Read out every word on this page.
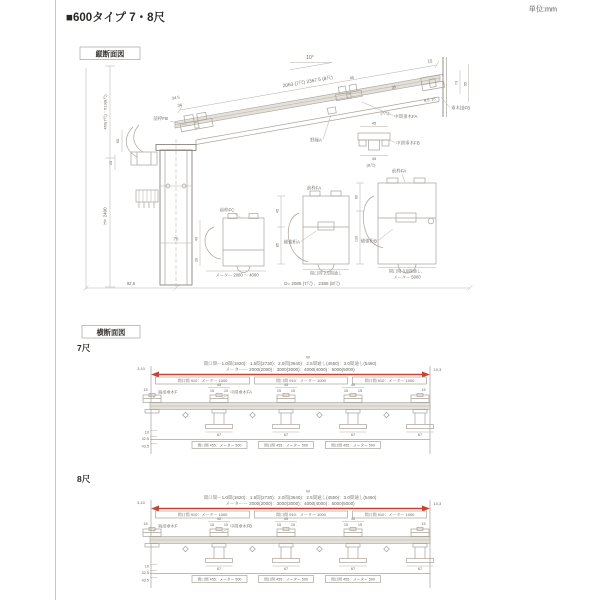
■600タイプ 7・8尺
単位:mm
縦断面図
92.5	D= 2085 (7尺) 、2385 (8尺)
2063 (7尺) 2367.5 (8尺)
10°	15
460(7尺)・513(8尺)
H= 2400
60
20
34.5
34
前枠FB
70
45
35
(7尺)
中間垂木FA
45
45
(8尺)
中間垂木FB
野縁A
垂木掛FB
8.5, 15
73 95
前枠FC
40
20
メーター 2000 〜 4000
前枠FA
補強桁A
45
85
間口間 2.5間通し
前枠FA
補強桁B
60
120
間口間 3.0間通し、
メーター 5000
横断面図
7尺
8尺
W
間口間ー1.0間(1820)：1.5間(2730)：2.0間(3640)：2.5間通し(4550)：3.0間通し(5460)
メーターー 2000(2000)：3000(3000)：4000(4000)：5000(5000)
3,10	10,3
間口間 910：メーター 1000	間口間 910：メーター 1000	間口間 910：メーター 1000
端部垂木F	中間垂木FA
15	15
45
15	15
45
15	15
45
15	15
67	67	67	67
10
32.5
43.5	間口間 455：メーター 500	間口間 455：メーター 500	間口間 455：メーター 500
W
間口間ー1.0間(1820)：1.5間(2730)：2.0間(3640)：2.5間通し(4550)：3.0間通し(5460)
メーターー 2000(2000)：3000(3000)：4000(4000)：5000(5000)
3,10	10,3
間口間 910：メーター 1000	間口間 910：メーター 1000	間口間 910：メーター 1000
端部垂木F	中間垂木FB
15	15
45
15	15
45
15	15
45
15	15
67	67	67	67
10
32.5
43.5	間口間 455：メーター 500	間口間 455：メーター 500	間口間 455：メーター 500
